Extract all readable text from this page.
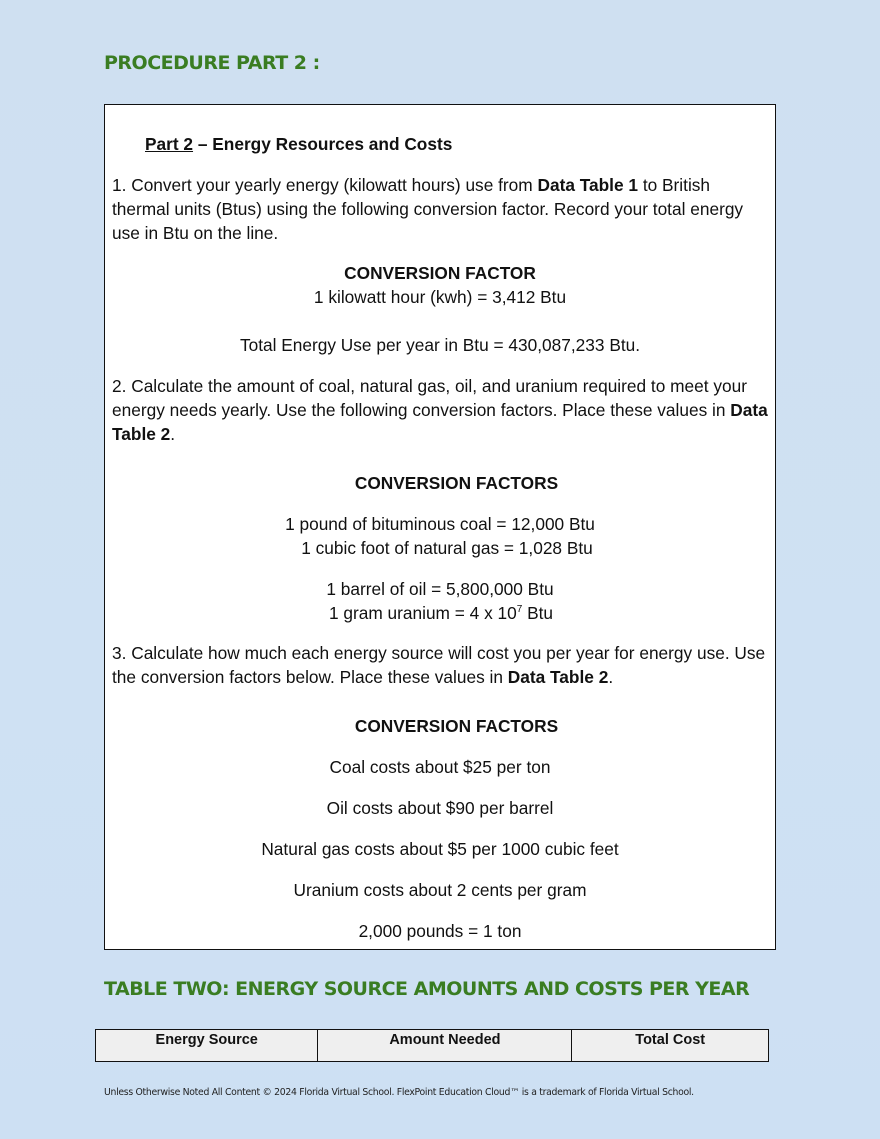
PROCEDURE PART 2 :
Part 2 – Energy Resources and Costs
1. Convert your yearly energy (kilowatt hours) use from Data Table 1 to British thermal units (Btus) using the following conversion factor. Record your total energy use in Btu on the line.
CONVERSION FACTOR
1 kilowatt hour (kwh) = 3,412 Btu
Total Energy Use per year in Btu = 430,087,233 Btu.
2. Calculate the amount of coal, natural gas, oil, and uranium required to meet your energy needs yearly. Use the following conversion factors. Place these values in Data Table 2.
CONVERSION FACTORS
1 pound of bituminous coal = 12,000 Btu
1 cubic foot of natural gas = 1,028 Btu
1 barrel of oil = 5,800,000 Btu
1 gram uranium = 4 x $10^7$ Btu
3. Calculate how much each energy source will cost you per year for energy use. Use the conversion factors below. Place these values in Data Table 2.
CONVERSION FACTORS
Coal costs about $25 per ton
Oil costs about $90 per barrel
Natural gas costs about $5 per 1000 cubic feet
Uranium costs about 2 cents per gram
2,000 pounds = 1 ton
TABLE TWO: ENERGY SOURCE AMOUNTS AND COSTS PER YEAR
Energy Source	Amount Needed	Total Cost
Unless Otherwise Noted All Content © 2024 Florida Virtual School. FlexPoint Education Cloud™ is a trademark of Florida Virtual School.
